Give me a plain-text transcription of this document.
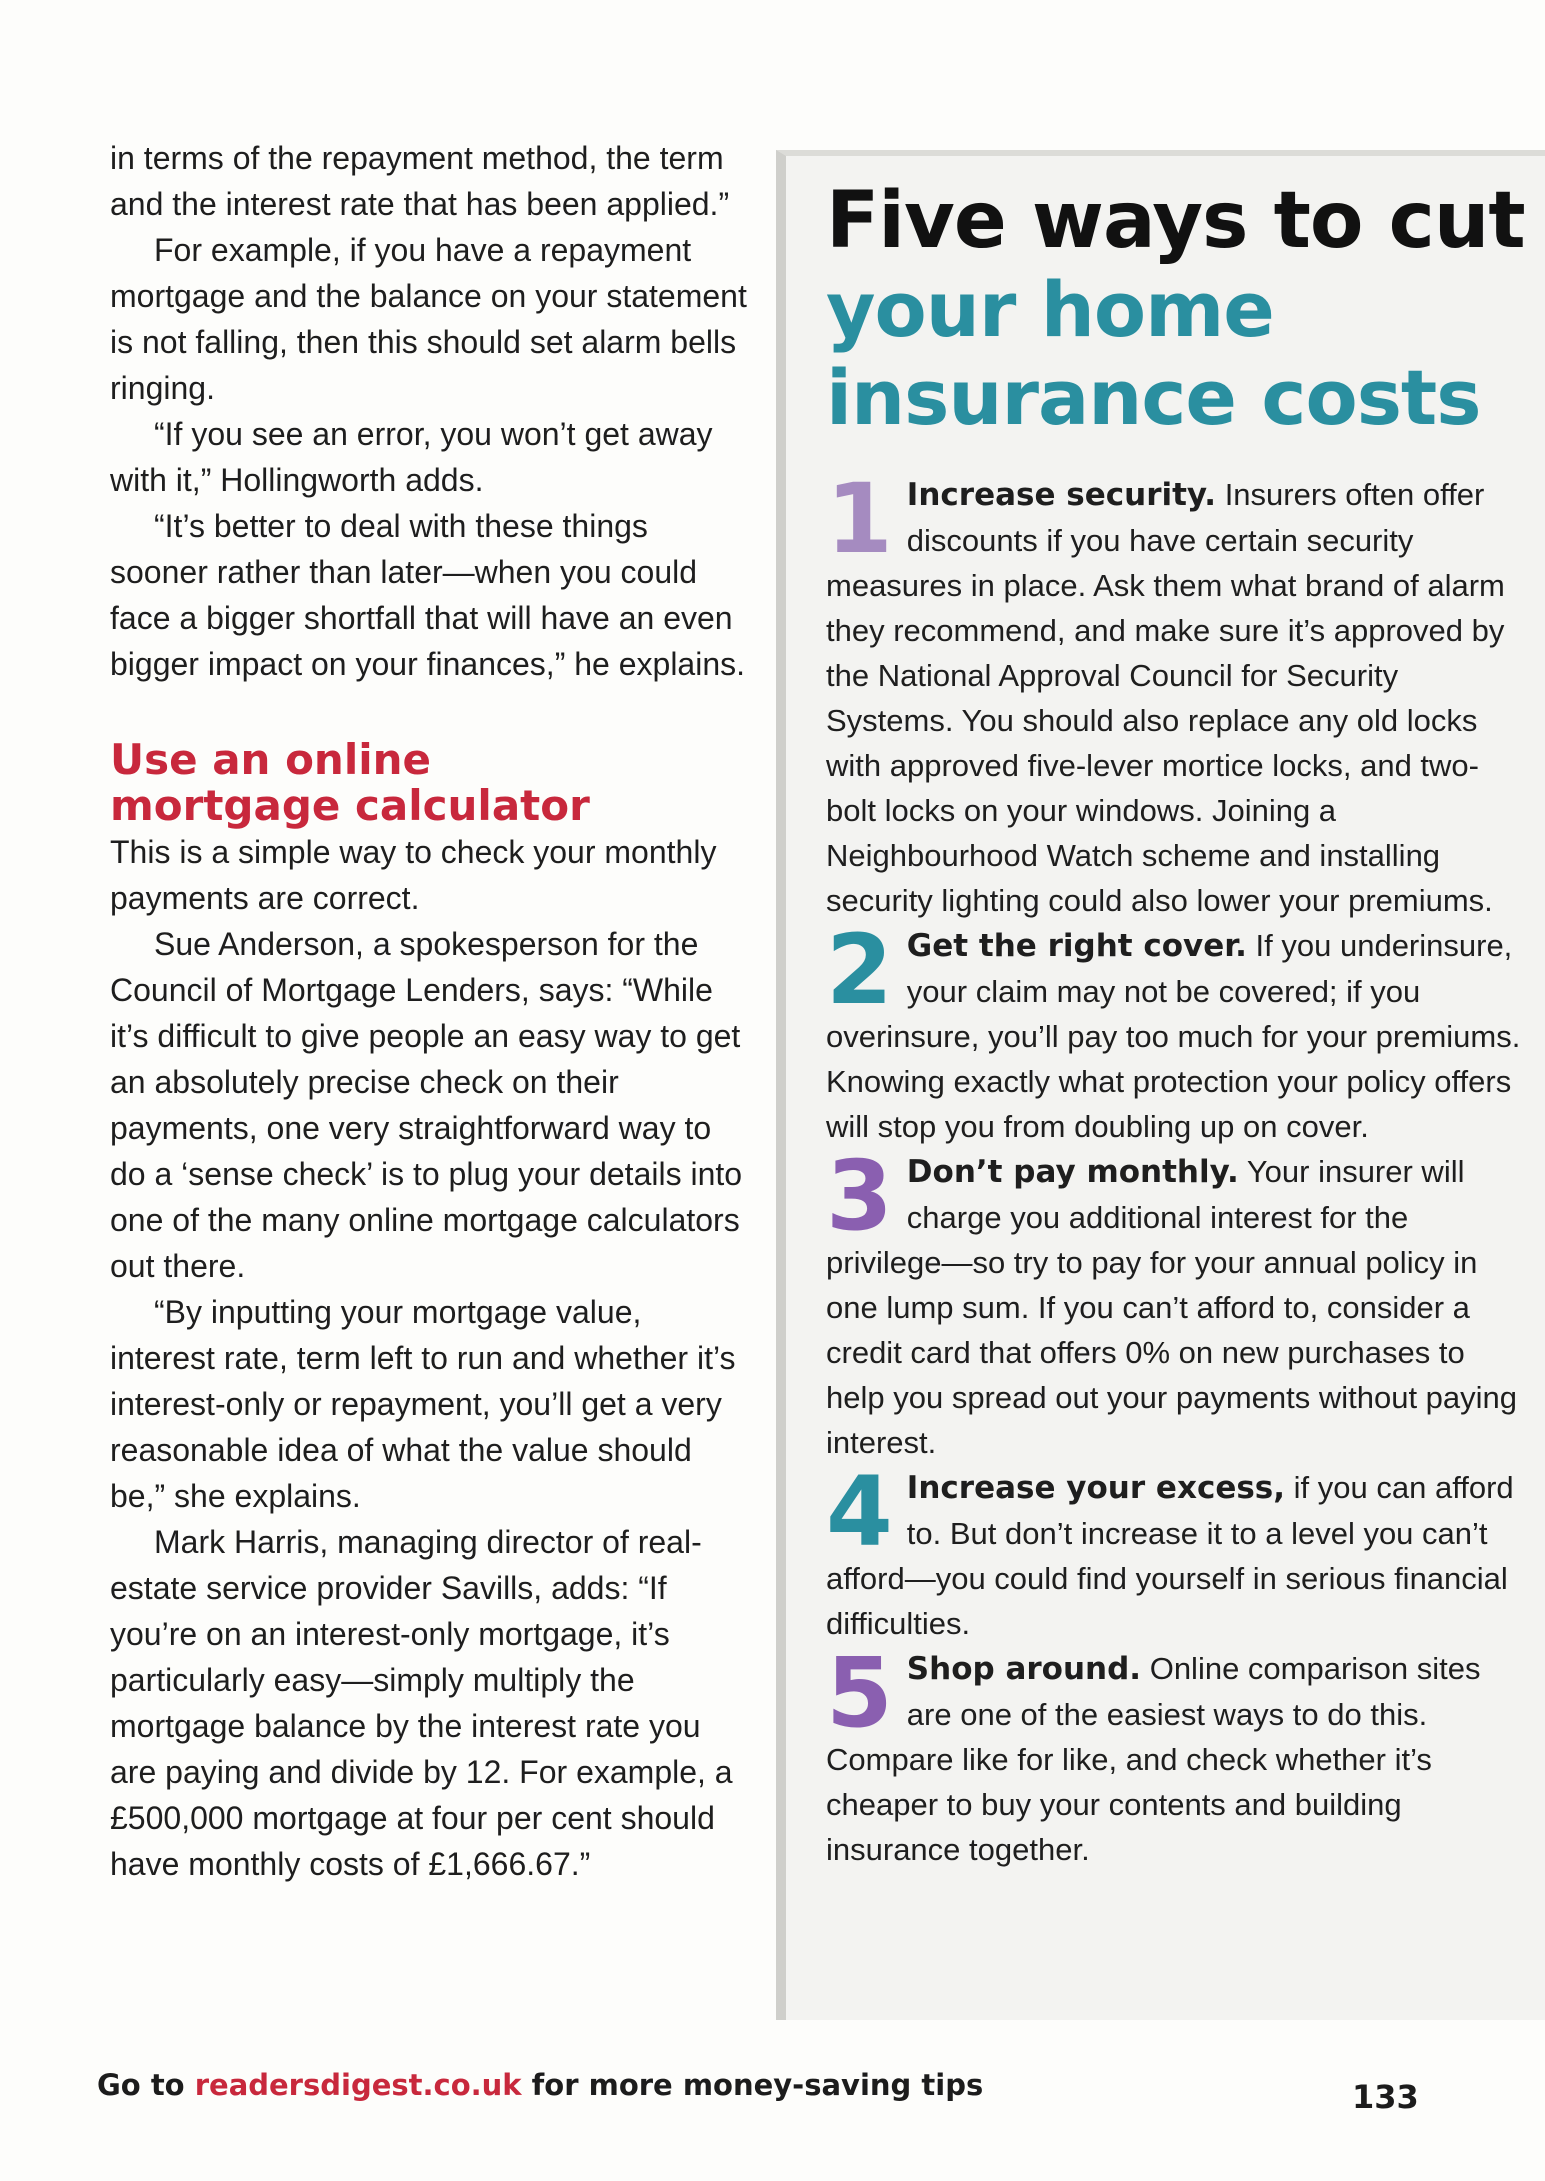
in terms of the repayment method, the term and the interest rate that has been applied.”

For example, if you have a repayment mortgage and the balance on your statement is not falling, then this should set alarm bells ringing.

“If you see an error, you won’t get away with it,” Hollingworth adds.

“It’s better to deal with these things sooner rather than later—when you could face a bigger shortfall that will have an even bigger impact on your finances,” he explains.

Use an online
mortgage calculator

This is a simple way to check your monthly payments are correct.

Sue Anderson, a spokesperson for the Council of Mortgage Lenders, says: “While it’s difficult to give people an easy way to get an absolutely precise check on their payments, one very straightforward way to do a ‘sense check’ is to plug your details into one of the many online mortgage calculators out there.

“By inputting your mortgage value, interest rate, term left to run and whether it’s interest-only or repayment, you’ll get a very reasonable idea of what the value should be,” she explains.

Mark Harris, managing director of real-estate service provider Savills, adds: “If you’re on an interest-only mortgage, it’s particularly easy—simply multiply the mortgage balance by the interest rate you are paying and divide by 12. For example, a £500,000 mortgage at four per cent should have monthly costs of £1,666.67.”

Five ways to cut
your home
insurance costs
1 Increase security. Insurers often offer discounts if you have certain security measures in place. Ask them what brand of alarm they recommend, and make sure it’s approved by the National Approval Council for Security Systems. You should also replace any old locks with approved five-lever mortice locks, and two-bolt locks on your windows. Joining a Neighbourhood Watch scheme and installing security lighting could also lower your premiums.
2 Get the right cover. If you underinsure, your claim may not be covered; if you overinsure, you’ll pay too much for your premiums. Knowing exactly what protection your policy offers will stop you from doubling up on cover.
3 Don’t pay monthly. Your insurer will charge you additional interest for the privilege—so try to pay for your annual policy in one lump sum. If you can’t afford to, consider a credit card that offers 0% on new purchases to help you spread out your payments without paying interest.
4 Increase your excess, if you can afford to. But don’t increase it to a level you can’t afford—you could find yourself in serious financial difficulties.
5 Shop around. Online comparison sites are one of the easiest ways to do this. Compare like for like, and check whether it’s cheaper to buy your contents and building insurance together.
Go to readersdigest.co.uk for more money-saving tips	133
